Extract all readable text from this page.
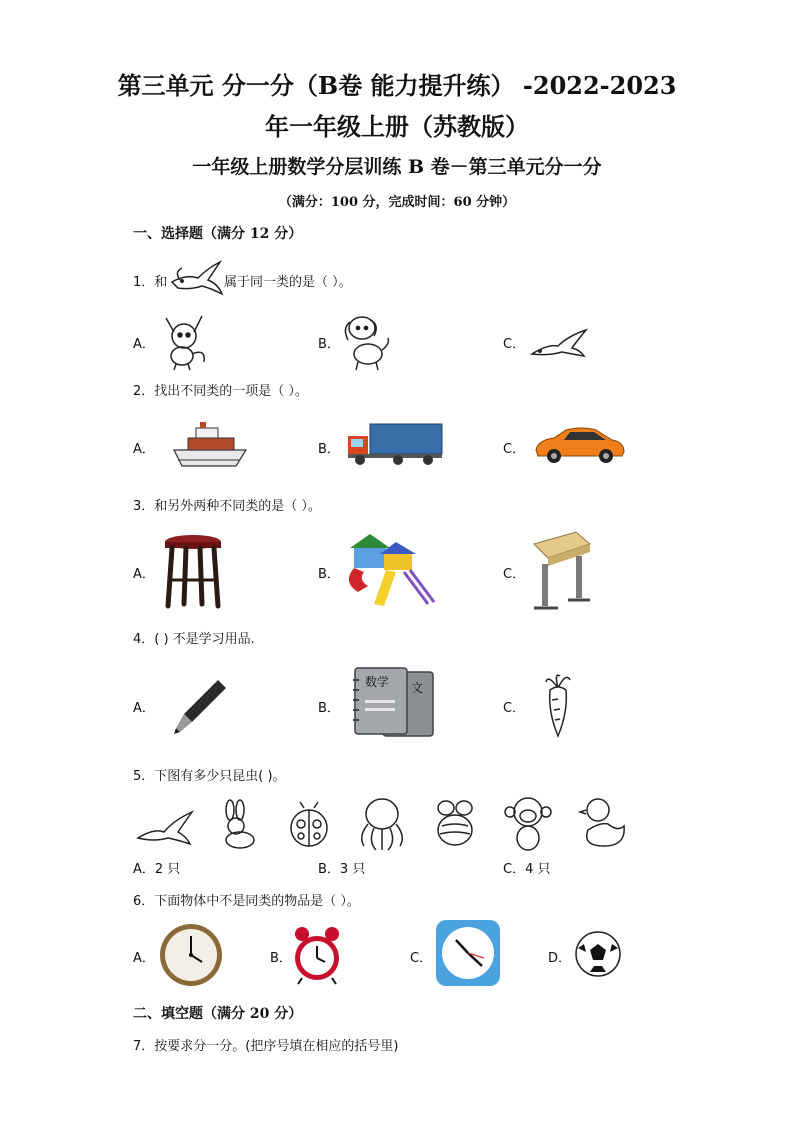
第三单元 分一分（B卷 能力提升练） -2022-2023
年一年级上册（苏教版）
一年级上册数学分层训练 B 卷－第三单元分一分
（满分：100 分，完成时间：60 分钟）
一、选择题（满分 12 分）
1．和	属于同一类的是（ ）。
A．	B．	C．
2．找出不同类的一项是（ ）。
A．	B．	C．
3．和另外两种不同类的是（ ）。
A．	B．	C．
4．( ) 不是学习用品.
A．	B．
数学 文
C．
5．下图有多少只昆虫( )。
A．2 只	B．3 只	C．4 只
6．下面物体中不是同类的物品是（ ）。
A．	B．	C．	D．
二、填空题（满分 20 分）
7．按要求分一分。(把序号填在相应的括号里)
